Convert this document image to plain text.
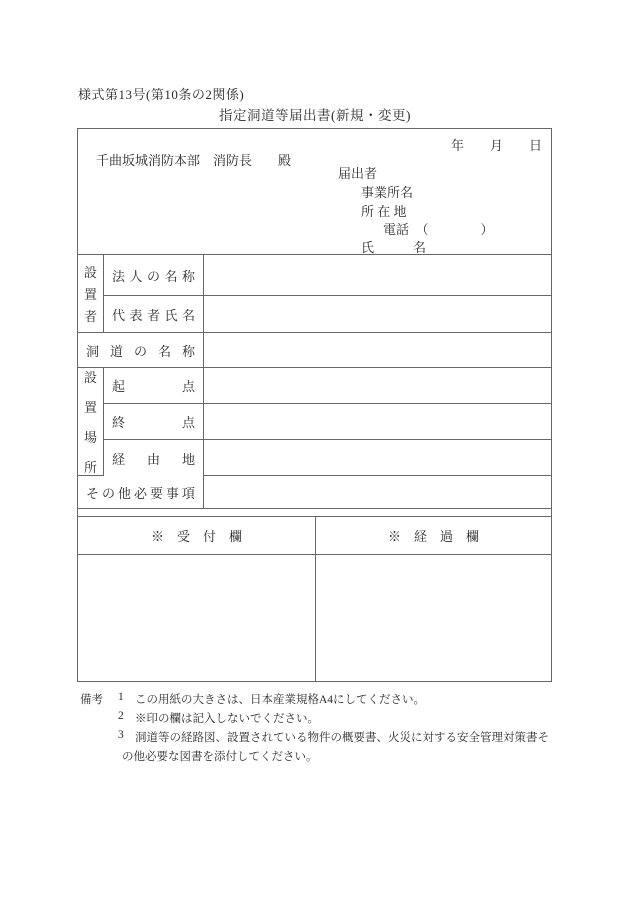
様式第13号(第10条の2関係)
指定洞道等届出書(新規・変更)
年　　月　　日
千曲坂城消防本部　消防長　　殿
届出者
事業所名
所 在 地
電話　（　　　　）
氏　　　名
設
置
者
法 人 の 名 称
代 表 者 氏 名
洞 道 の 名 称
設
置
場
所
起	点
終	点
経 由 地
そ の 他 必 要 事 項
※　受　付　欄	※　経　過　欄
備考 1 この用紙の大きさは、日本産業規格A4にしてください。
2 ※印の欄は記入しないでください。
3 洞道等の経路図、設置されている物件の概要書、火災に対する安全管理対策書そ
の他必要な図書を添付してください。
